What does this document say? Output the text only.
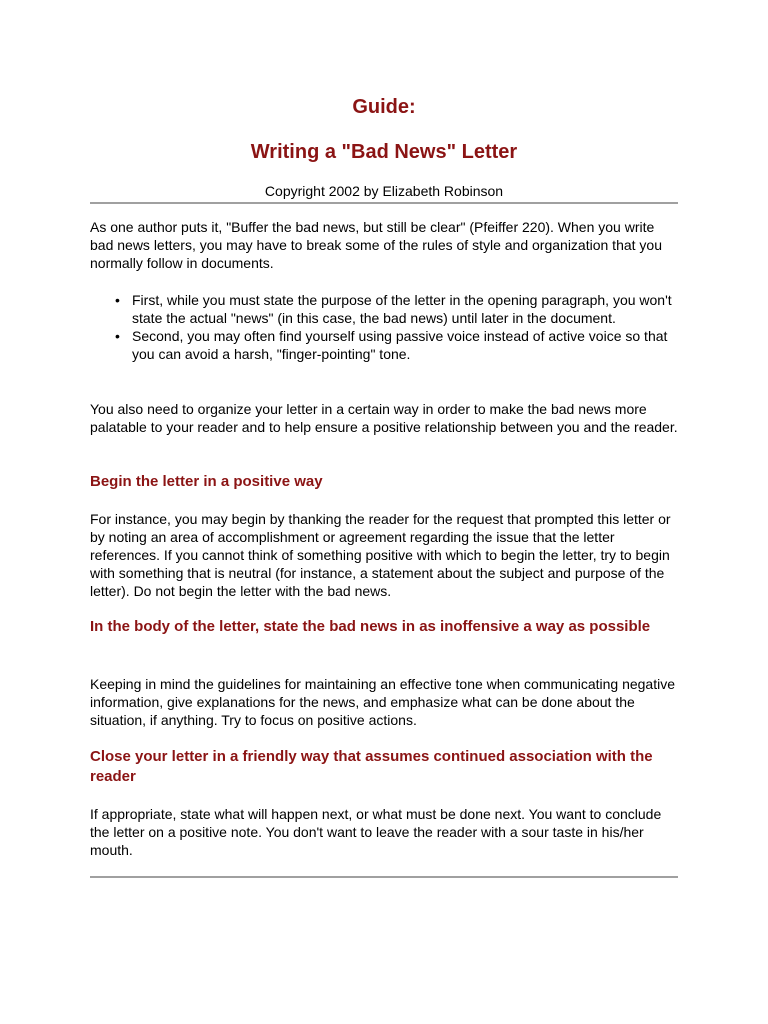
Guide:
Writing a "Bad News" Letter
Copyright 2002 by Elizabeth Robinson

As one author puts it, "Buffer the bad news, but still be clear" (Pfeiffer 220). When you write bad news letters, you may have to break some of the rules of style and organization that you normally follow in documents.

• First, while you must state the purpose of the letter in the opening paragraph, you won't state the actual "news" (in this case, the bad news) until later in the document.
• Second, you may often find yourself using passive voice instead of active voice so that you can avoid a harsh, "finger-pointing" tone.

You also need to organize your letter in a certain way in order to make the bad news more palatable to your reader and to help ensure a positive relationship between you and the reader.

Begin the letter in a positive way

For instance, you may begin by thanking the reader for the request that prompted this letter or by noting an area of accomplishment or agreement regarding the issue that the letter references. If you cannot think of something positive with which to begin the letter, try to begin with something that is neutral (for instance, a statement about the subject and purpose of the letter). Do not begin the letter with the bad news.

In the body of the letter, state the bad news in as inoffensive a way as possible

Keeping in mind the guidelines for maintaining an effective tone when communicating negative information, give explanations for the news, and emphasize what can be done about the situation, if anything. Try to focus on positive actions.

Close your letter in a friendly way that assumes continued association with the reader

If appropriate, state what will happen next, or what must be done next. You want to conclude the letter on a positive note. You don't want to leave the reader with a sour taste in his/her mouth.
